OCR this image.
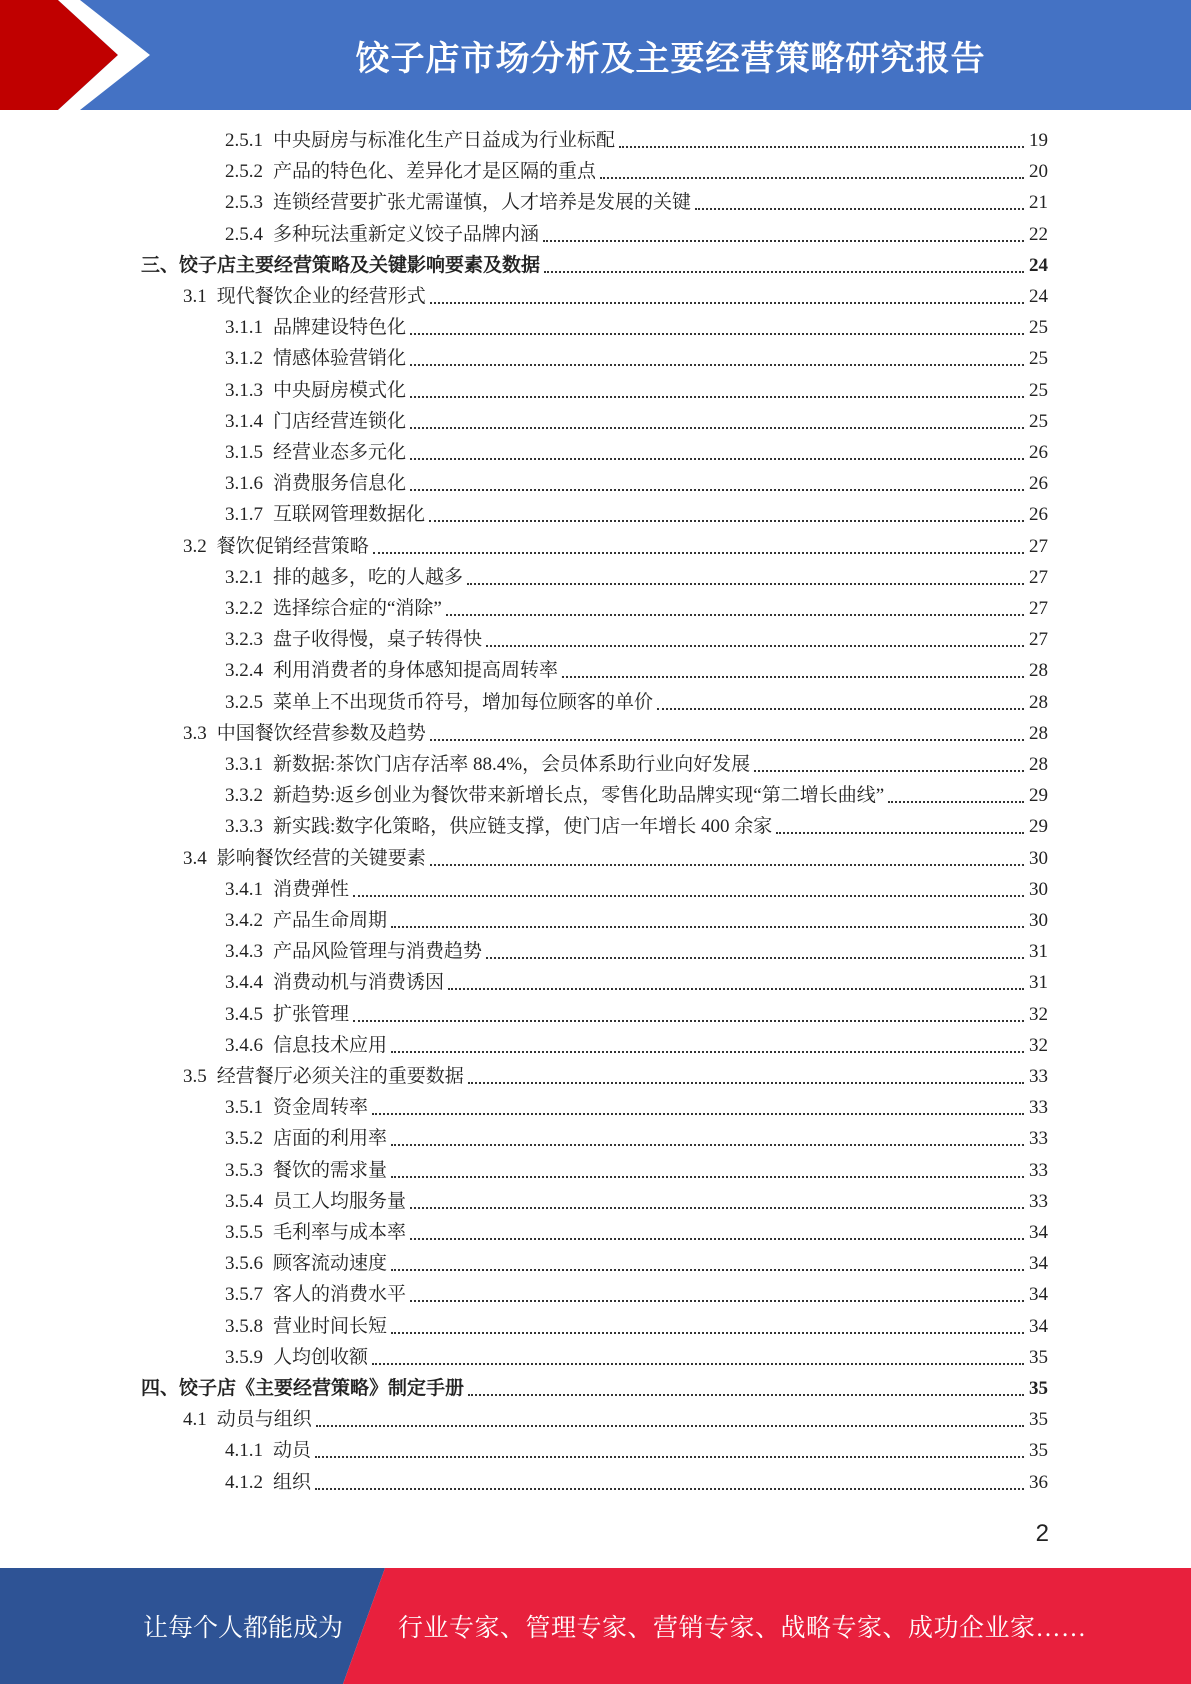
饺子店市场分析及主要经营策略研究报告
2.5.1 中央厨房与标准化生产日益成为行业标配	19
2.5.2 产品的特色化、差异化才是区隔的重点	20
2.5.3 连锁经营要扩张尤需谨慎，人才培养是发展的关键	21
2.5.4 多种玩法重新定义饺子品牌内涵	22
三、饺子店主要经营策略及关键影响要素及数据	24
3.1 现代餐饮企业的经营形式	24
3.1.1 品牌建设特色化	25
3.1.2 情感体验营销化	25
3.1.3 中央厨房模式化	25
3.1.4 门店经营连锁化	25
3.1.5 经营业态多元化	26
3.1.6 消费服务信息化	26
3.1.7 互联网管理数据化	26
3.2 餐饮促销经营策略	27
3.2.1 排的越多，吃的人越多	27
3.2.2 选择综合症的“消除”	27
3.2.3 盘子收得慢，桌子转得快	27
3.2.4 利用消费者的身体感知提高周转率	28
3.2.5 菜单上不出现货币符号，增加每位顾客的单价	28
3.3 中国餐饮经营参数及趋势	28
3.3.1 新数据:茶饮门店存活率 88.4%，会员体系助行业向好发展	28
3.3.2 新趋势:返乡创业为餐饮带来新增长点，零售化助品牌实现“第二增长曲线”	29
3.3.3 新实践:数字化策略，供应链支撑，使门店一年增长 400 余家	29
3.4 影响餐饮经营的关键要素	30
3.4.1 消费弹性	30
3.4.2 产品生命周期	30
3.4.3 产品风险管理与消费趋势	31
3.4.4 消费动机与消费诱因	31
3.4.5 扩张管理	32
3.4.6 信息技术应用	32
3.5 经营餐厅必须关注的重要数据	33
3.5.1 资金周转率	33
3.5.2 店面的利用率	33
3.5.3 餐饮的需求量	33
3.5.4 员工人均服务量	33
3.5.5 毛利率与成本率	34
3.5.6 顾客流动速度	34
3.5.7 客人的消费水平	34
3.5.8 营业时间长短	34
3.5.9 人均创收额	35
四、饺子店《主要经营策略》制定手册	35
4.1 动员与组织	35
4.1.1 动员	35
4.1.2 组织	36
2
让每个人都能成为 行业专家、管理专家、营销专家、战略专家、成功企业家……
